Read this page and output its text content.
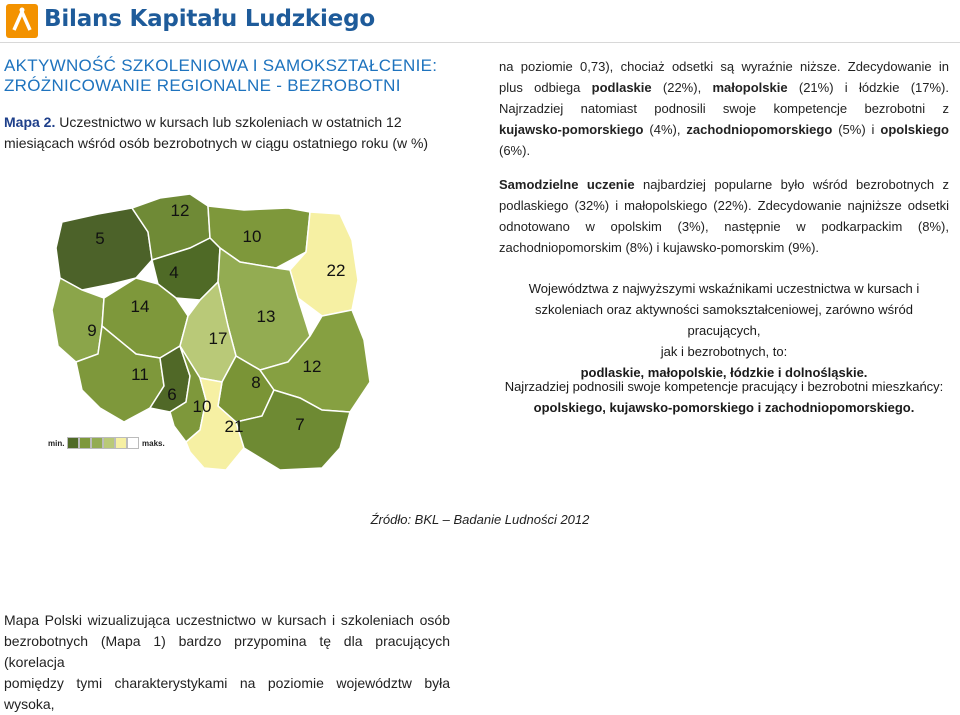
Bilans Kapitału Ludzkiego
AKTYWNOŚĆ SZKOLENIOWA I SAMOKSZTAŁCENIE:
ZRÓŻNICOWANIE REGIONALNE - BEZROBOTNI
Mapa 2. Uczestnictwo w kursach lub szkoleniach w ostatnich 12 miesiącach wśród osób bezrobotnych w ciągu ostatniego roku (w %)
5
12
10
22
4
9
14
13
17
11
6
10
8
12
21	7
min.	maks.
na poziomie 0,73), chociaż odsetki są wyraźnie niższe. Zdecydowanie in
plus odbiega podlaskie (22%), małopolskie (21%) i łódzkie (17%).
Najrzadziej natomiast podnosili swoje kompetencje bezrobotni z
kujawsko-pomorskiego (4%), zachodniopomorskiego (5%) i opolskiego
(6%).
Samodzielne uczenie najbardziej popularne było wśród bezrobotnych z
podlaskiego (32%) i małopolskiego (22%). Zdecydowanie najniższe odsetki
odnotowano w opolskim (3%), następnie w podkarpackim (8%),
zachodniopomorskim (8%) i kujawsko-pomorskim (9%).
Województwa z najwyższymi wskaźnikami uczestnictwa w kursach i
szkoleniach oraz aktywności samokształceniowej, zarówno wśród pracujących,
jak i bezrobotnych, to:
podlaskie, małopolskie, łódzkie i dolnośląskie.
Najrzadziej podnosili swoje kompetencje pracujący i bezrobotni mieszkańcy:
opolskiego, kujawsko-pomorskiego i zachodniopomorskiego.
Źródło: BKL – Badanie Ludności 2012
Mapa Polski wizualizująca uczestnictwo w kursach i szkoleniach osób
bezrobotnych (Mapa 1) bardzo przypomina tę dla pracujących (korelacja
pomiędzy tymi charakterystykami na poziomie województw była wysoka,
